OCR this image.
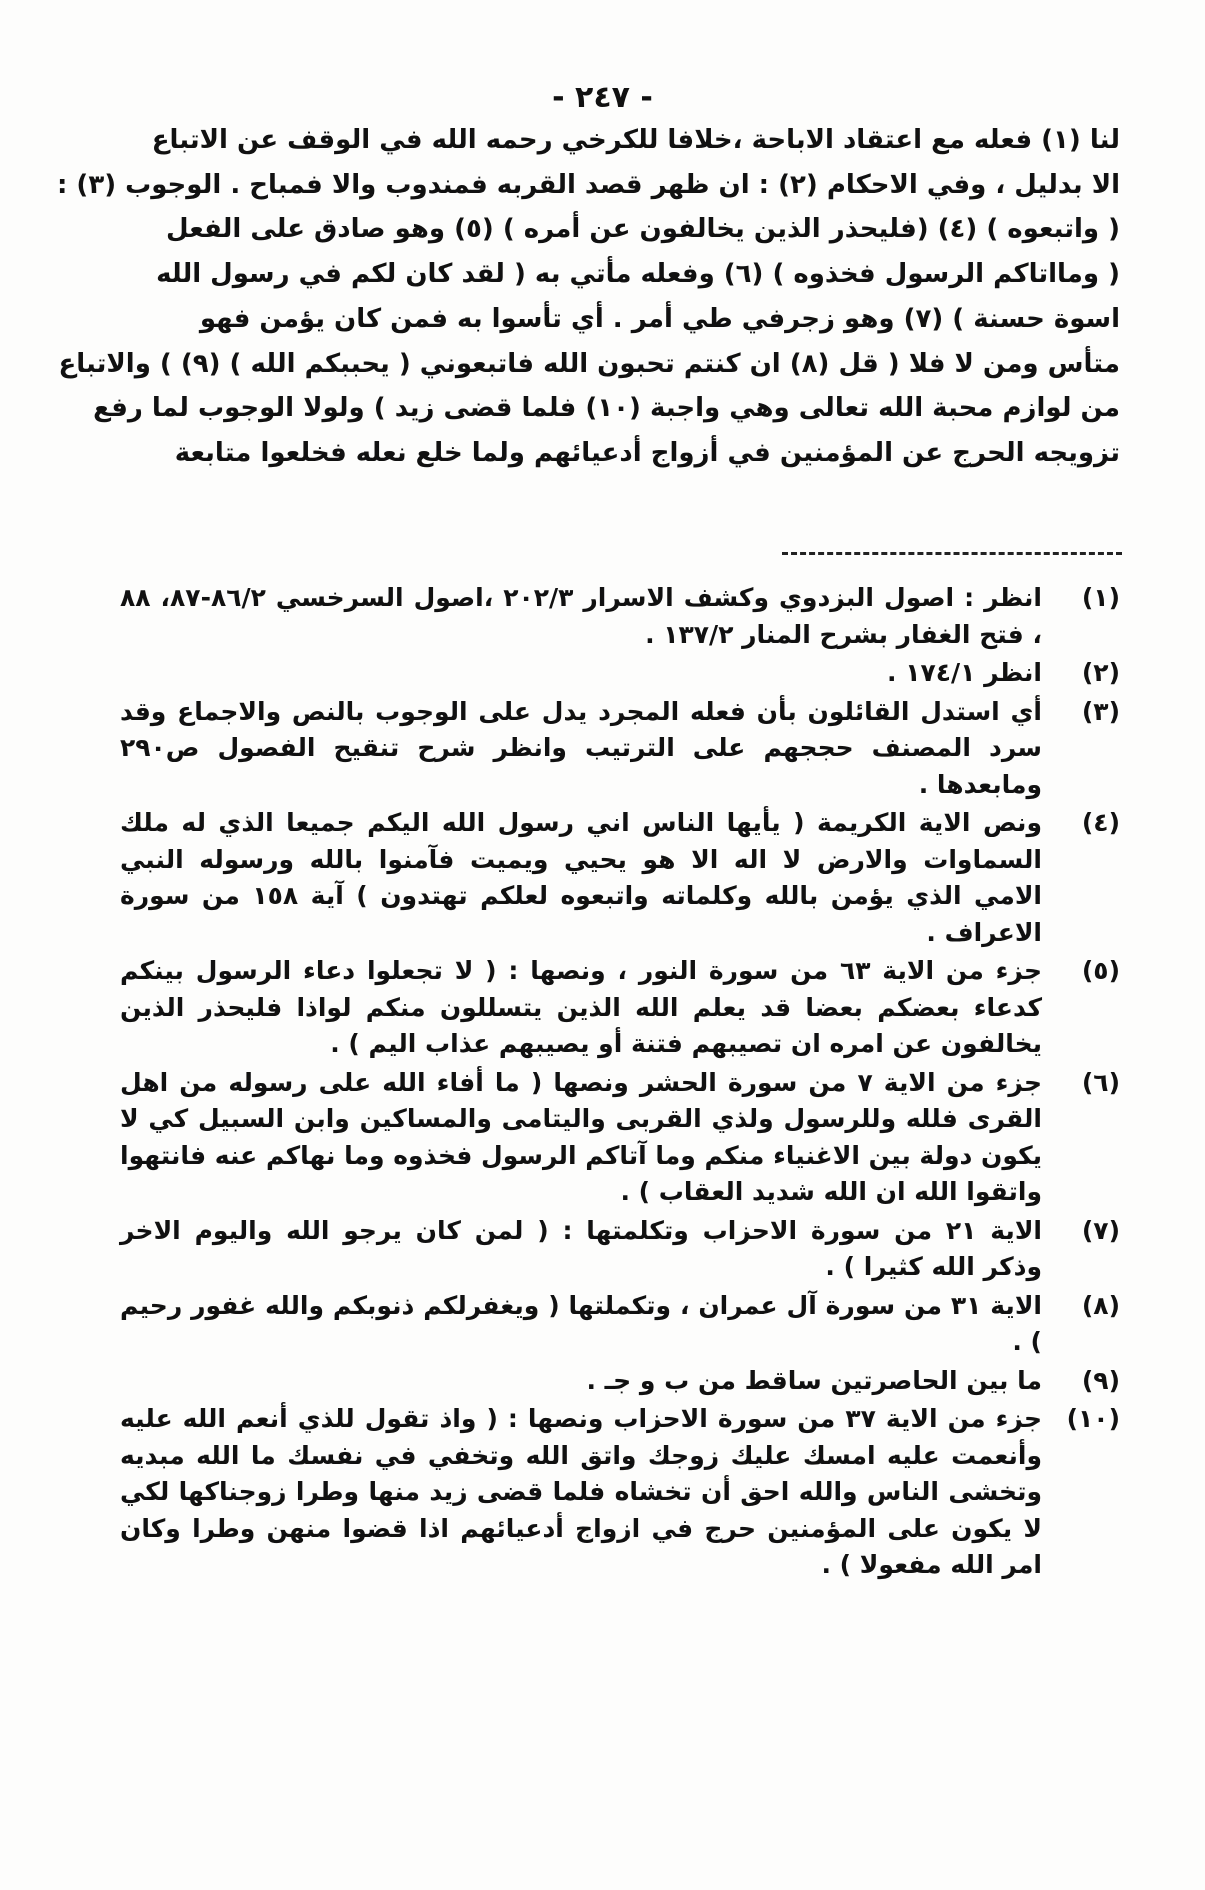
- ٢٤٧ -
لنا (١) فعله مع اعتقاد الاباحة ،خلافا للكرخي رحمه الله في الوقف عن الاتباع
الا بدليل ، وفي الاحكام (٢) : ان ظهر قصد القربه فمندوب والا فمباح . الوجوب (٣) :
( واتبعوه ) (٤) (فليحذر الذين يخالفون عن أمره ) (٥) وهو صادق على الفعل
( ومااتاكم الرسول فخذوه ) (٦) وفعله مأتي به ( لقد كان لكم في رسول الله
اسوة حسنة ) (٧) وهو زجرفي طي أمر . أي تأسوا به فمن كان يؤمن فهو
متأس ومن لا فلا ( قل (٨) ان كنتم تحبون الله فاتبعوني ( يحببكم الله ) (٩) ) والاتباع
من لوازم محبة الله تعالى وهي واجبة (١٠) فلما قضى زيد ) ولولا الوجوب لما رفع
تزويجه الحرج عن المؤمنين في أزواج أدعيائهم ولما خلع نعله فخلعوا متابعة
(١)
انظر : اصول البزدوي وكشف الاسرار ٢٠٢/٣ ،اصول السرخسي ٨٦/٢-٨٧، ٨٨ ، فتح الغفار بشرح المنار ١٣٧/٢ .
(٢)
انظر ١٧٤/١ .
(٣)
أي استدل القائلون بأن فعله المجرد يدل على الوجوب بالنص والاجماع وقد سرد المصنف حججهم على الترتيب وانظر شرح تنقيح الفصول ص٢٩٠ ومابعدها .
(٤)
ونص الاية الكريمة ( يأيها الناس اني رسول الله اليكم جميعا الذي له ملك السماوات والارض لا اله الا هو يحيي ويميت فآمنوا بالله ورسوله النبي الامي الذي يؤمن بالله وكلماته واتبعوه لعلكم تهتدون ) آية ١٥٨ من سورة الاعراف .
(٥)
جزء من الاية ٦٣ من سورة النور ، ونصها : ( لا تجعلوا دعاء الرسول بينكم كدعاء بعضكم بعضا قد يعلم الله الذين يتسللون منكم لواذا فليحذر الذين يخالفون عن امره ان تصيبهم فتنة أو يصيبهم عذاب اليم ) .
(٦)
جزء من الاية ٧ من سورة الحشر ونصها ( ما أفاء الله على رسوله من اهل القرى فلله وللرسول ولذي القربى واليتامى والمساكين وابن السبيل كي لا يكون دولة بين الاغنياء منكم وما آتاكم الرسول فخذوه وما نهاكم عنه فانتهوا واتقوا الله ان الله شديد العقاب ) .
(٧)
الاية ٢١ من سورة الاحزاب وتكلمتها : ( لمن كان يرجو الله واليوم الاخر وذكر الله كثيرا ) .
(٨)
الاية ٣١ من سورة آل عمران ، وتكملتها ( ويغفرلكم ذنوبكم والله غفور رحيم ) .
(٩)
ما بين الحاصرتين ساقط من ب و جـ .
(١٠)
جزء من الاية ٣٧ من سورة الاحزاب ونصها : ( واذ تقول للذي أنعم الله عليه وأنعمت عليه امسك عليك زوجك واتق الله وتخفي في نفسك ما الله مبديه وتخشى الناس والله احق أن تخشاه فلما قضى زيد منها وطرا زوجناكها لكي لا يكون على المؤمنين حرج في ازواج أدعيائهم اذا قضوا منهن وطرا وكان امر الله مفعولا ) .
